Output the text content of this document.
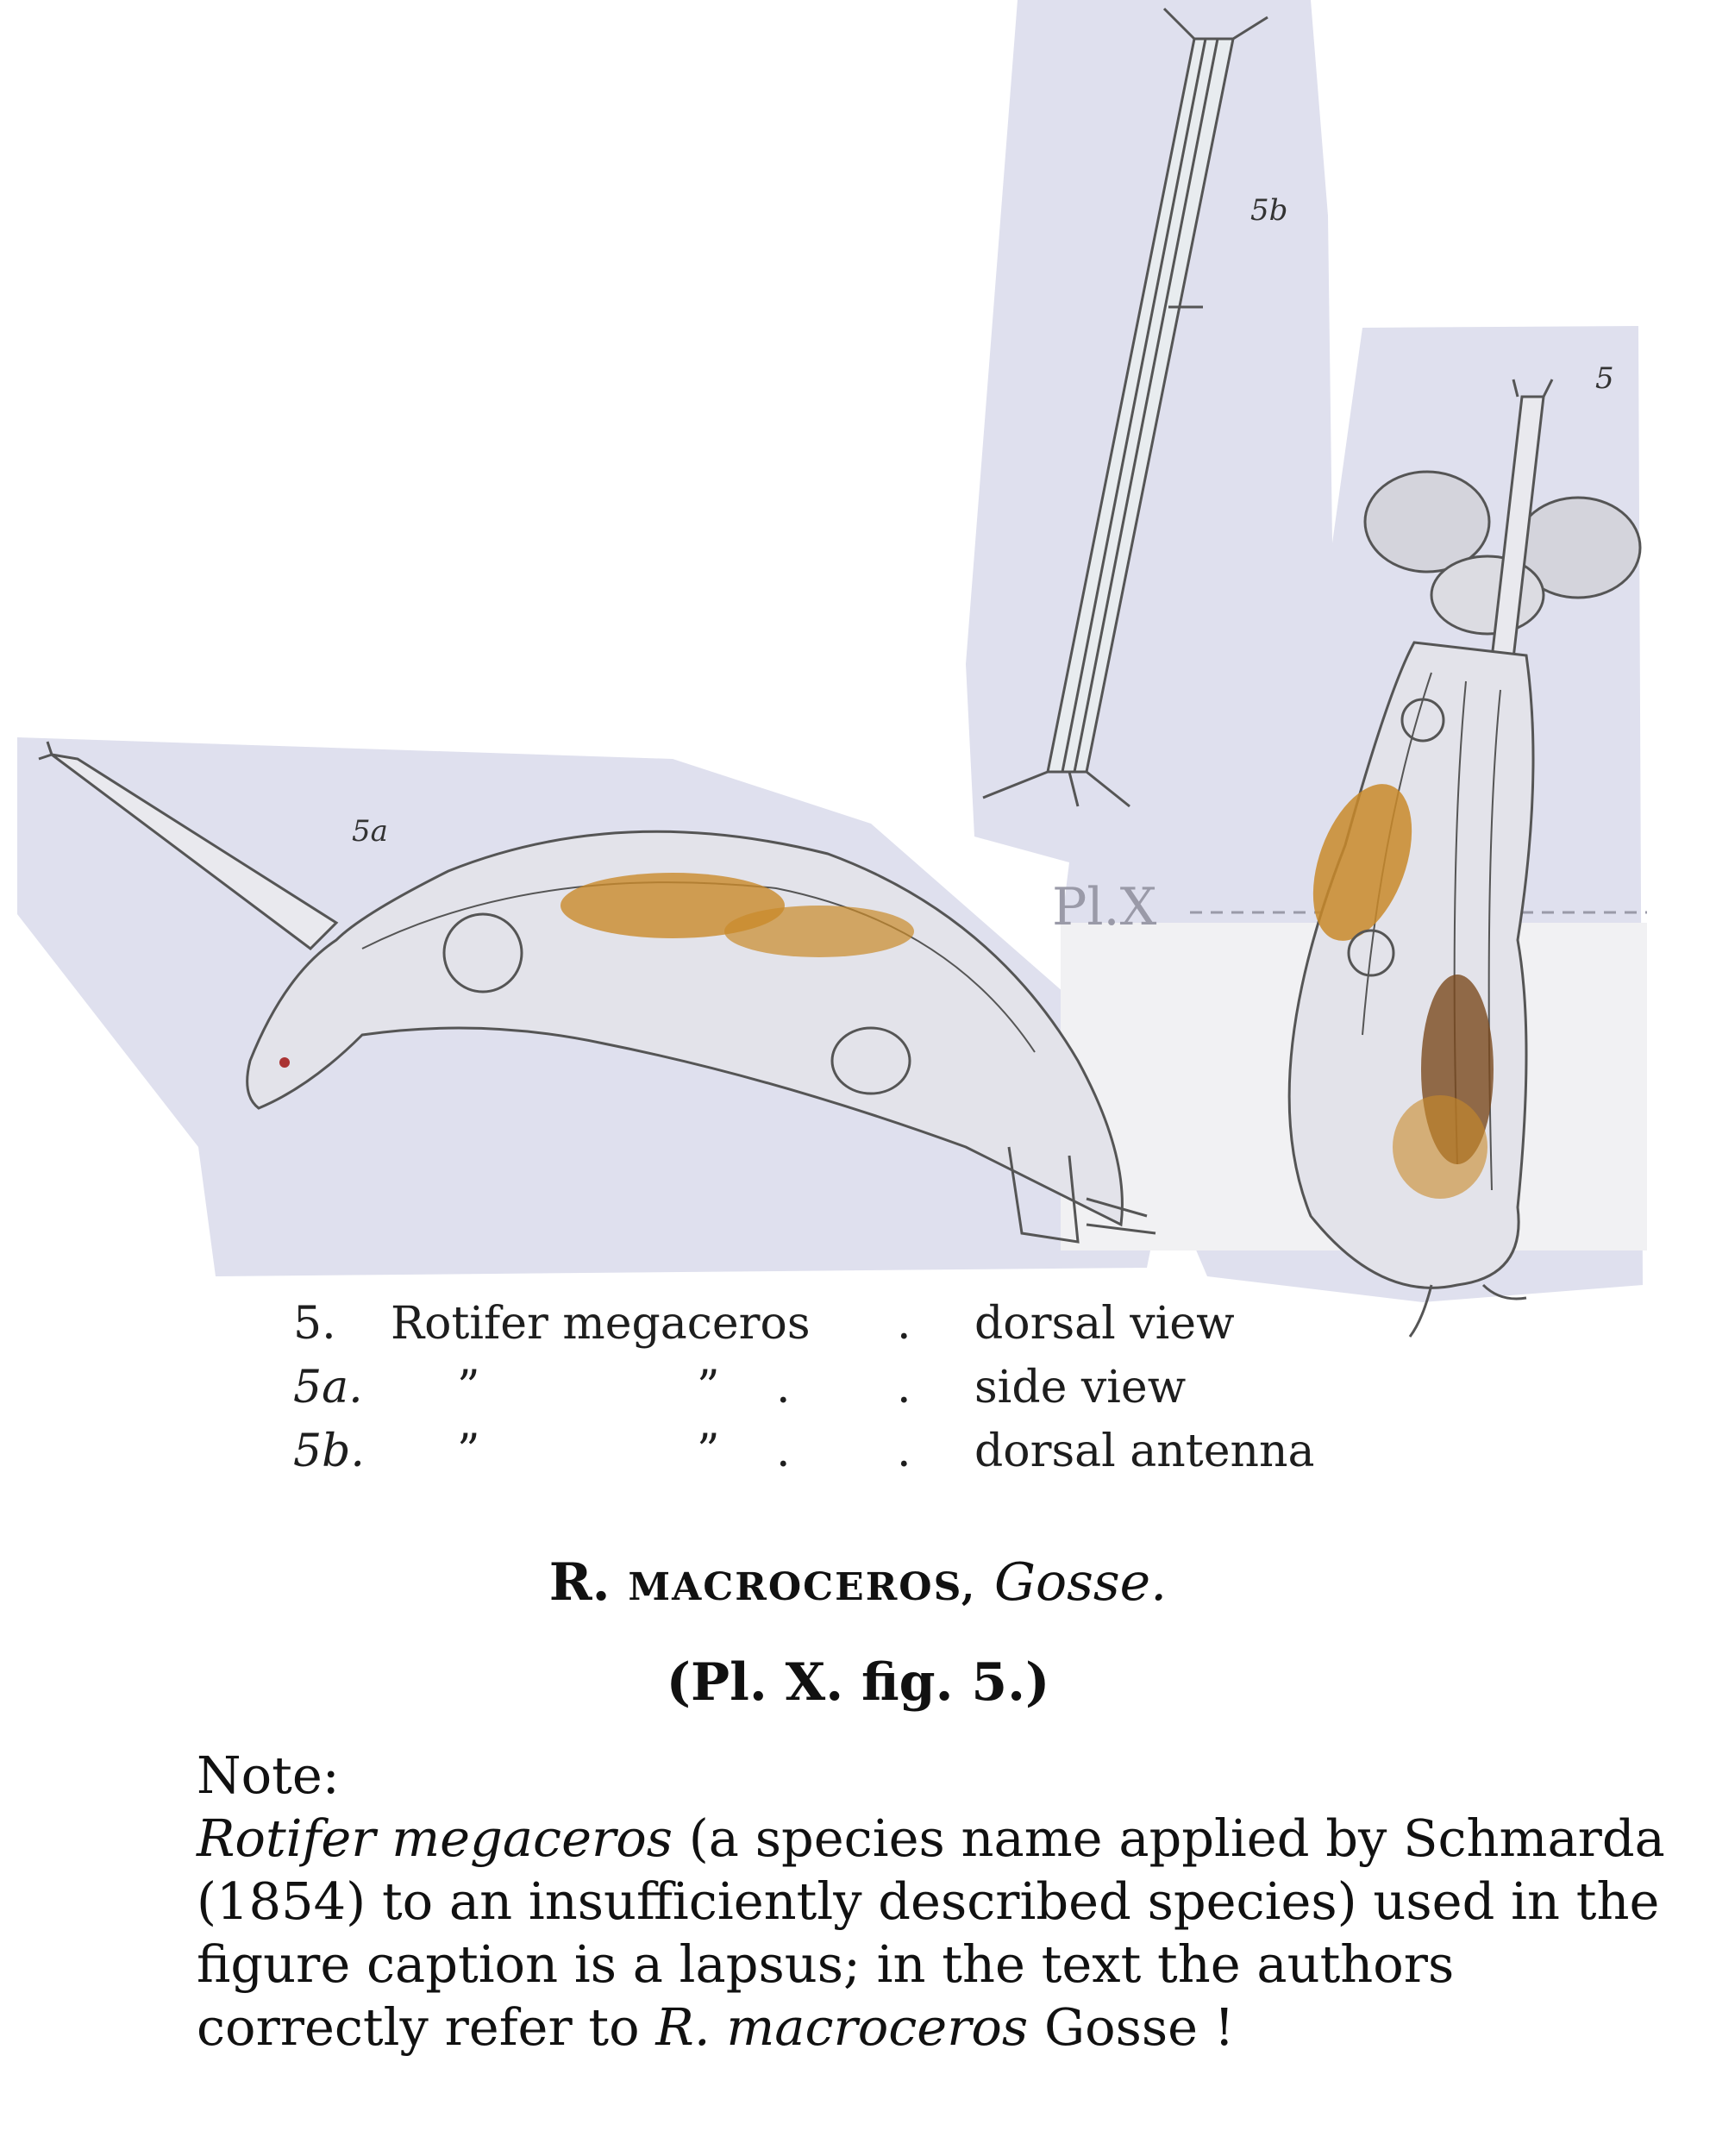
5b
Pl.X
5
5a
5. Rotifer megaceros . dorsal view
5a. ”	” . . side view
5b. ”	” . . dorsal antenna
R. MACROCEROS, Gosse.
(Pl. X. fig. 5.)

Note:

Rotifer megaceros (a species name applied by Schmarda (1854) to an insufficiently described species) used in the figure caption is a lapsus; in the text the authors correctly refer to R. macroceros Gosse !
